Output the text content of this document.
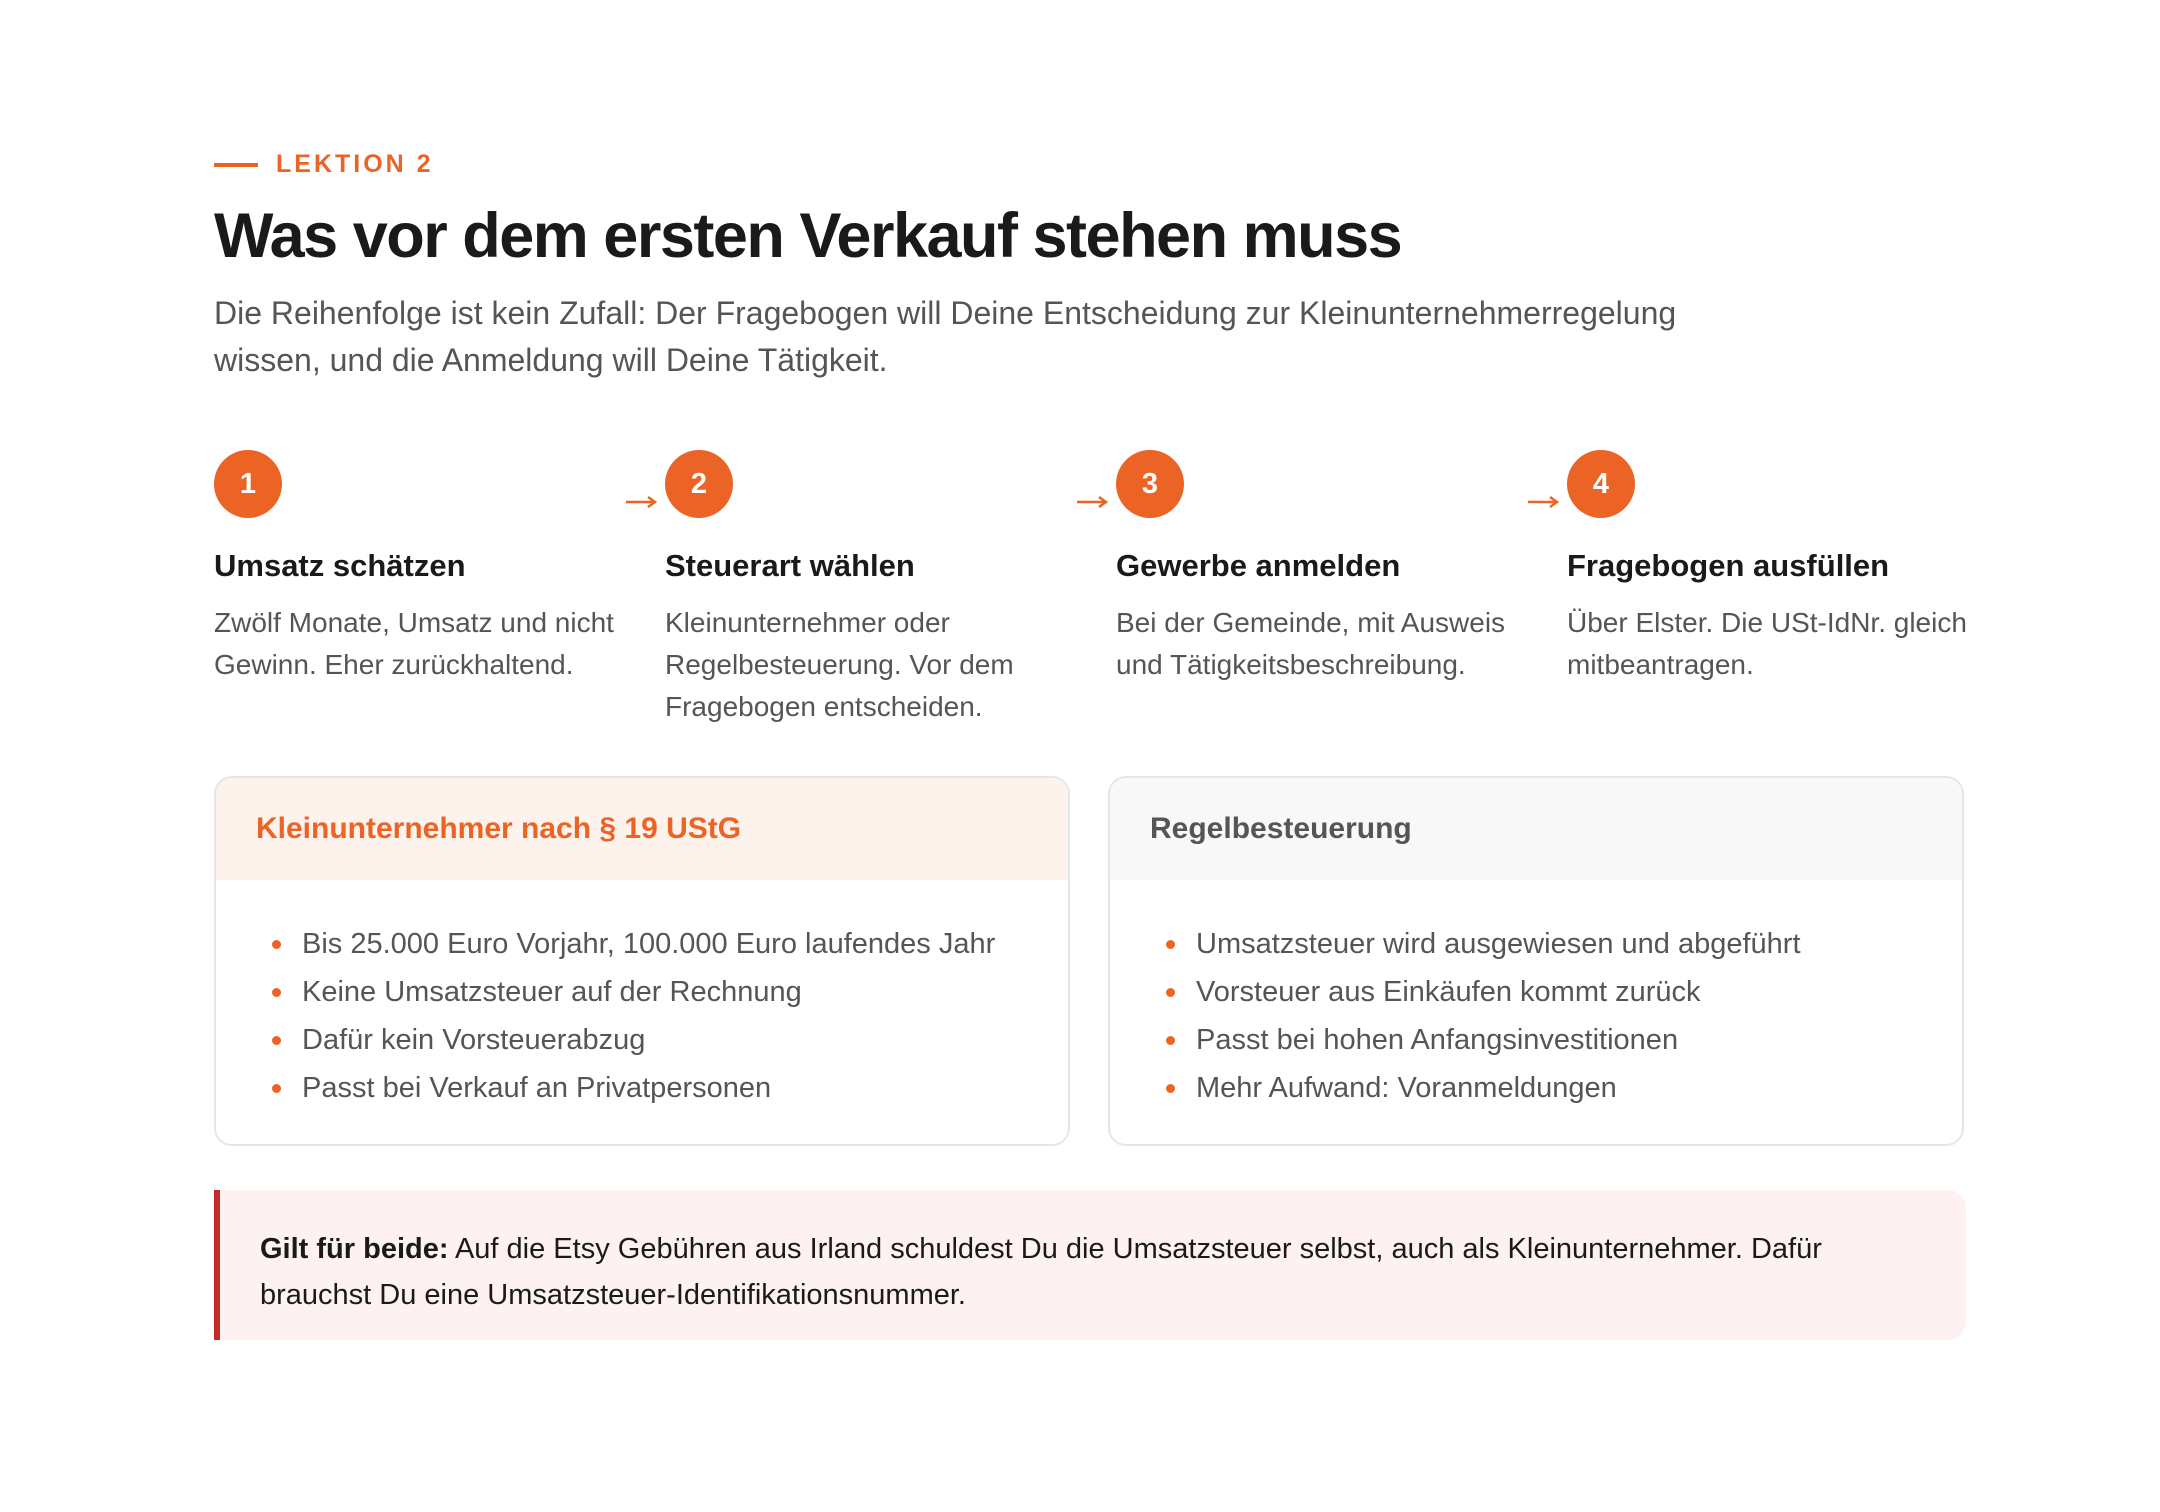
LEKTION 2
Was vor dem ersten Verkauf stehen muss

Die Reihenfolge ist kein Zufall: Der Fragebogen will Deine Entscheidung zur Kleinunternehmerregelung wissen, und die Anmeldung will Deine Tätigkeit.

1
Umsatz schätzen
Zwölf Monate, Umsatz und nicht Gewinn. Eher zurückhaltend.
2
Steuerart wählen
Kleinunternehmer oder Regelbesteuerung. Vor dem Fragebogen entscheiden.
3
Gewerbe anmelden
Bei der Gemeinde, mit Ausweis und Tätigkeitsbeschreibung.
4
Fragebogen ausfüllen
Über Elster. Die USt-IdNr. gleich mitbeantragen.
Kleinunternehmer nach § 19 UStG
Bis 25.000 Euro Vorjahr, 100.000 Euro laufendes Jahr
Keine Umsatzsteuer auf der Rechnung
Dafür kein Vorsteuerabzug
Passt bei Verkauf an Privatpersonen
Regelbesteuerung
Umsatzsteuer wird ausgewiesen und abgeführt
Vorsteuer aus Einkäufen kommt zurück
Passt bei hohen Anfangsinvestitionen
Mehr Aufwand: Voranmeldungen
Gilt für beide: Auf die Etsy Gebühren aus Irland schuldest Du die Umsatzsteuer selbst, auch als Kleinunternehmer. Dafür brauchst Du eine Umsatzsteuer-Identifikationsnummer.
